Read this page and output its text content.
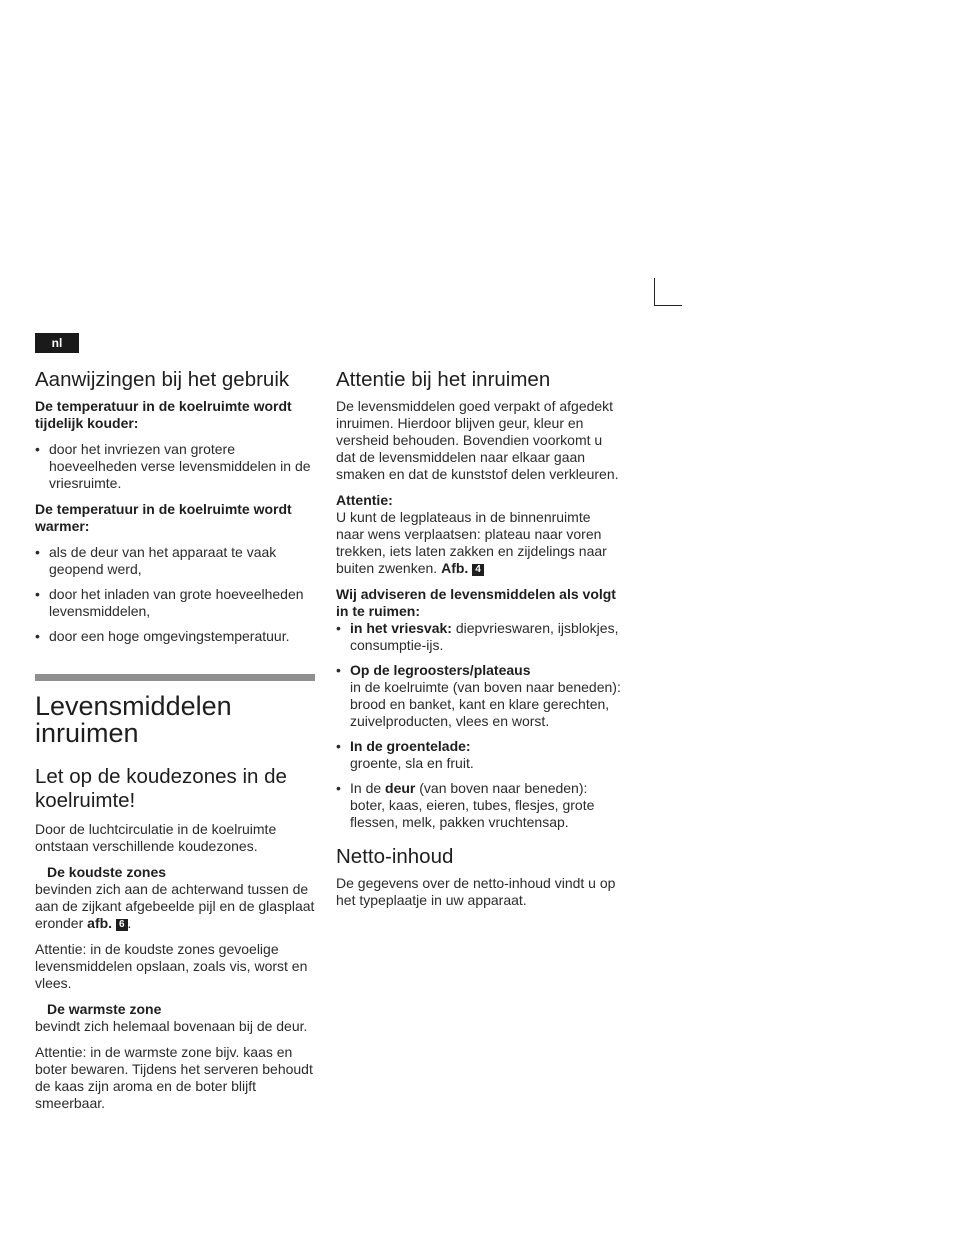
nl
Aanwijzingen bij het gebruik

De temperatuur in de koelruimte wordt tijdelijk kouder:

• door het invriezen van grotere hoeveelheden verse levensmiddelen in de vriesruimte.

De temperatuur in de koelruimte wordt warmer:

• als de deur van het apparaat te vaak geopend werd,
• door het inladen van grote hoeveelheden levensmiddelen,
• door een hoge omgevingstemperatuur.
Levensmiddelen inruimen
Let op de koudezones in de koelruimte!

Door de luchtcirculatie in de koelruimte ontstaan verschillende koudezones.

De koudste zones

bevinden zich aan de achterwand tussen de aan de zijkant afgebeelde pijl en de glasplaat eronder afb. 6 .

Attentie: in de koudste zones gevoelige levensmiddelen opslaan, zoals vis, worst en vlees.

De warmste zone

bevindt zich helemaal bovenaan bij de deur.

Attentie: in de warmste zone bijv. kaas en boter bewaren. Tijdens het serveren behoudt de kaas zijn aroma en de boter blijft smeerbaar.

Attentie bij het inruimen

De levensmiddelen goed verpakt of afgedekt inruimen. Hierdoor blijven geur, kleur en versheid behouden. Bovendien voorkomt u dat de levensmiddelen naar elkaar gaan smaken en dat de kunststof delen verkleuren.

Attentie:

U kunt de legplateaus in de binnenruimte naar wens verplaatsen: plateau naar voren trekken, iets laten zakken en zijdelings naar buiten zwenken. Afb. 4

Wij adviseren de levensmiddelen als volgt in te ruimen:

• in het vriesvak: diepvrieswaren, ijsblokjes, consumptie-ijs.
• Op de legroosters/plateaus
in de koelruimte (van boven naar beneden):
brood en banket, kant en klare gerechten, zuivelproducten, vlees en worst.
• In de groentelade:
groente, sla en fruit.
• In de deur (van boven naar beneden):
boter, kaas, eieren, tubes, flesjes, grote flessen, melk, pakken vruchtensap.
Netto-inhoud

De gegevens over de netto-inhoud vindt u op het typeplaatje in uw apparaat.
